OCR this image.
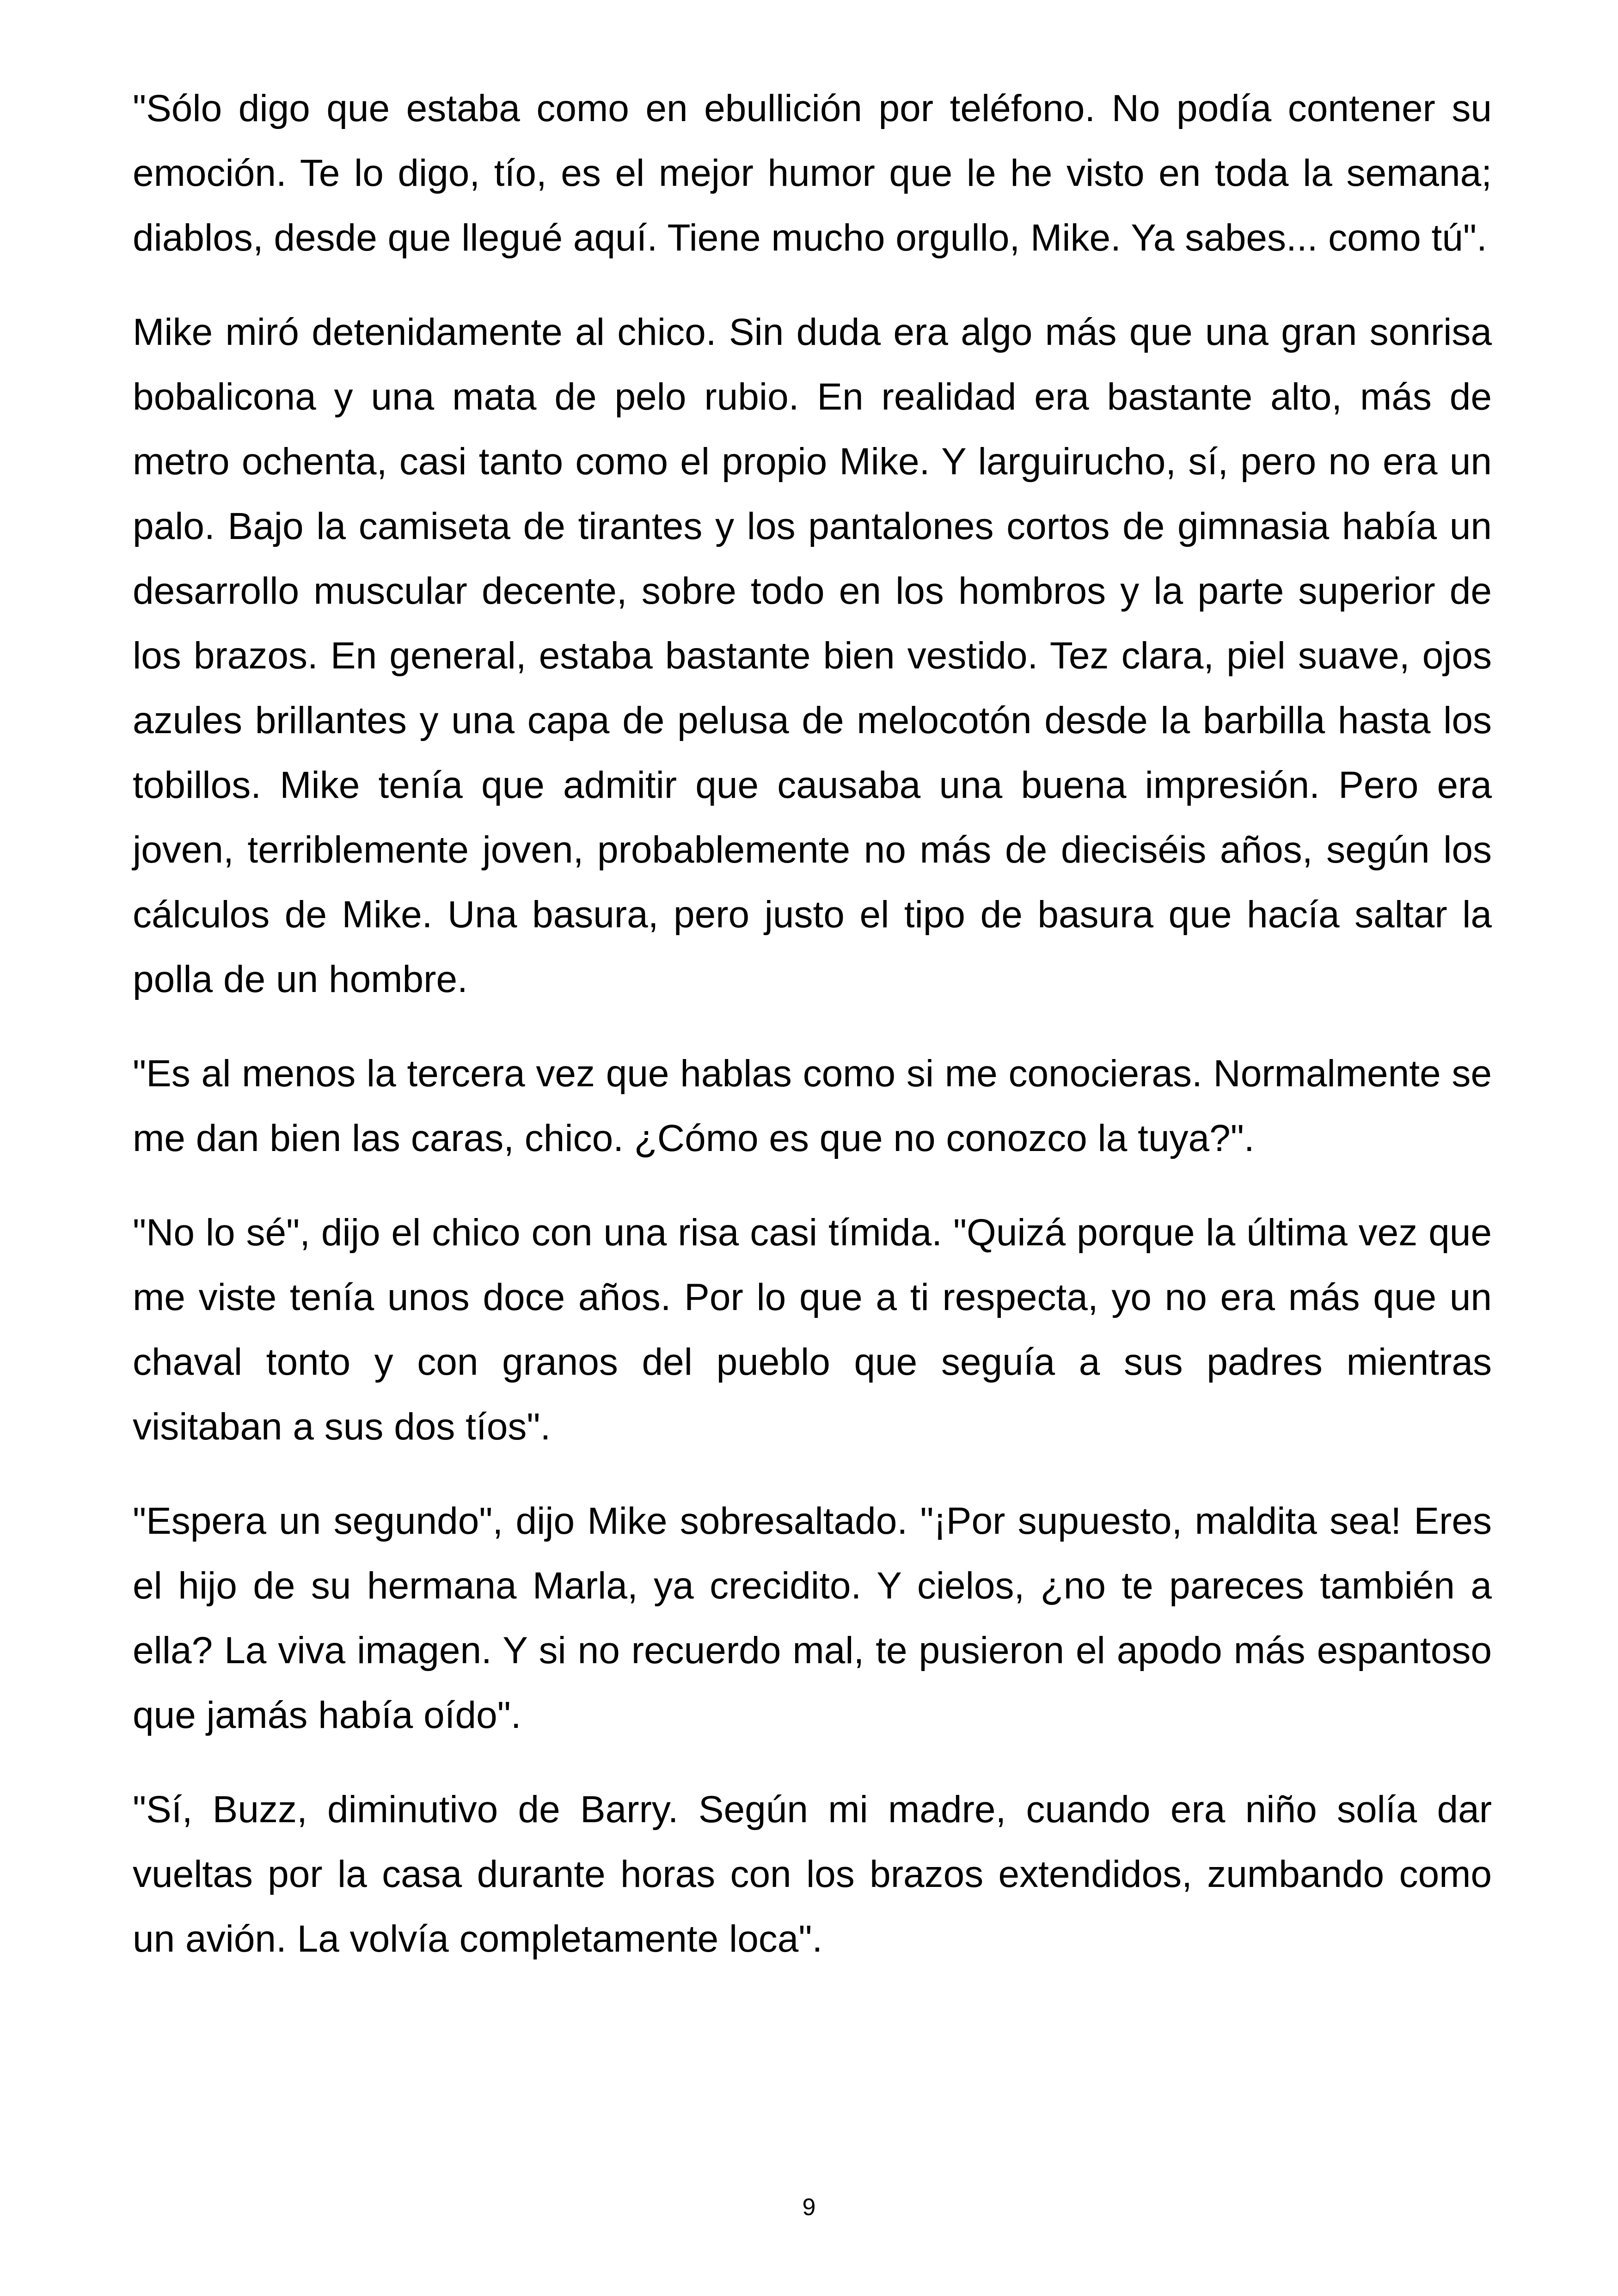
"Sólo digo que estaba como en ebullición por teléfono. No podía contener su emoción. Te lo digo, tío, es el mejor humor que le he visto en toda la semana; diablos, desde que llegué aquí. Tiene mucho orgullo, Mike. Ya sabes... como tú".

Mike miró detenidamente al chico. Sin duda era algo más que una gran sonrisa bobalicona y una mata de pelo rubio. En realidad era bastante alto, más de metro ochenta, casi tanto como el propio Mike. Y larguirucho, sí, pero no era un palo. Bajo la camiseta de tirantes y los pantalones cortos de gimnasia había un desarrollo muscular decente, sobre todo en los hombros y la parte superior de los brazos. En general, estaba bastante bien vestido. Tez clara, piel suave, ojos azules brillantes y una capa de pelusa de melocotón desde la barbilla hasta los tobillos. Mike tenía que admitir que causaba una buena impresión. Pero era joven, terriblemente joven, probablemente no más de dieciséis años, según los cálculos de Mike. Una basura, pero justo el tipo de basura que hacía saltar la polla de un hombre.

"Es al menos la tercera vez que hablas como si me conocieras. Normalmente se me dan bien las caras, chico. ¿Cómo es que no conozco la tuya?".

"No lo sé", dijo el chico con una risa casi tímida. "Quizá porque la última vez que me viste tenía unos doce años. Por lo que a ti respecta, yo no era más que un chaval tonto y con granos del pueblo que seguía a sus padres mientras visitaban a sus dos tíos".

"Espera un segundo", dijo Mike sobresaltado. "¡Por supuesto, maldita sea! Eres el hijo de su hermana Marla, ya crecidito. Y cielos, ¿no te pareces también a ella? La viva imagen. Y si no recuerdo mal, te pusieron el apodo más espantoso que jamás había oído".

"Sí, Buzz, diminutivo de Barry. Según mi madre, cuando era niño solía dar vueltas por la casa durante horas con los brazos extendidos, zumbando como un avión. La volvía completamente loca".

9
